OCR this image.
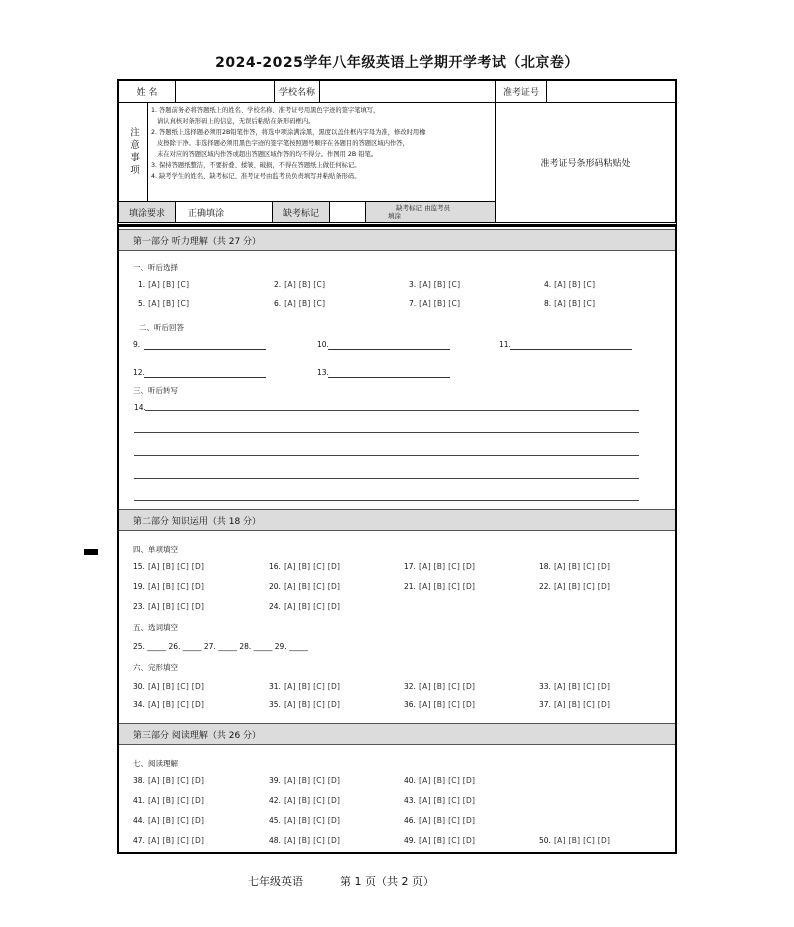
2024-2025学年八年级英语上学期开学考试（北京卷）
姓 名	学校名称	准考证号
注意事项
1. 答题前务必将答题纸上的姓名、学校名称、准考证号用黑色字迹的签字笔填写，
请认真核对条形码上的信息，无误后粘贴在条形码框内。
2. 答题纸上选择题必须用2B铅笔作答，将选中项涂满涂黑，黑度以盖住框内字母为准，修改时用橡
皮擦除干净。非选择题必须用黑色字迹的签字笔按照题号顺序在各题目的答题区域内作答，
未在对应的答题区域内作答或超出答题区域作答的均不得分。作图用 2B 铅笔。
3. 保持答题纸整洁，不要折叠、揉皱、破损，不得在答题纸上做任何标记。
4. 缺考学生的姓名、缺考标记、准考证号由监考员负责填写并粘贴条形码。
准考证号条形码粘贴处
填涂要求	正确填涂	缺考标记
缺考标记 由监考员
填涂
第一部分 听力理解（共 27 分）
一、听后选择
1. [A] [B] [C]	2. [A] [B] [C]	3. [A] [B] [C]	4. [A] [B] [C]
5. [A] [B] [C]	6. [A] [B] [C]	7. [A] [B] [C]	8. [A] [B] [C]
二、听后回答
9.	10.	11.
12.	13.
三、听后转写
14.
第二部分 知识运用（共 18 分）
四、单项填空
15. [A] [B] [C] [D]	16. [A] [B] [C] [D]	17. [A] [B] [C] [D]	18. [A] [B] [C] [D]
19. [A] [B] [C] [D]	20. [A] [B] [C] [D]	21. [A] [B] [C] [D]	22. [A] [B] [C] [D]
23. [A] [B] [C] [D]	24. [A] [B] [C] [D]
五、选词填空
25. _____ 26. _____ 27. _____ 28. _____ 29. _____
六、完形填空
30. [A] [B] [C] [D]	31. [A] [B] [C] [D]	32. [A] [B] [C] [D]	33. [A] [B] [C] [D]
34. [A] [B] [C] [D]	35. [A] [B] [C] [D]	36. [A] [B] [C] [D]	37. [A] [B] [C] [D]
第三部分 阅读理解（共 26 分）
七、阅读理解
38. [A] [B] [C] [D]	39. [A] [B] [C] [D]	40. [A] [B] [C] [D]
41. [A] [B] [C] [D]	42. [A] [B] [C] [D]	43. [A] [B] [C] [D]
44. [A] [B] [C] [D]	45. [A] [B] [C] [D]	46. [A] [B] [C] [D]
47. [A] [B] [C] [D]	48. [A] [B] [C] [D]	49. [A] [B] [C] [D]	50. [A] [B] [C] [D]
七年级英语	第 1 页（共 2 页）
